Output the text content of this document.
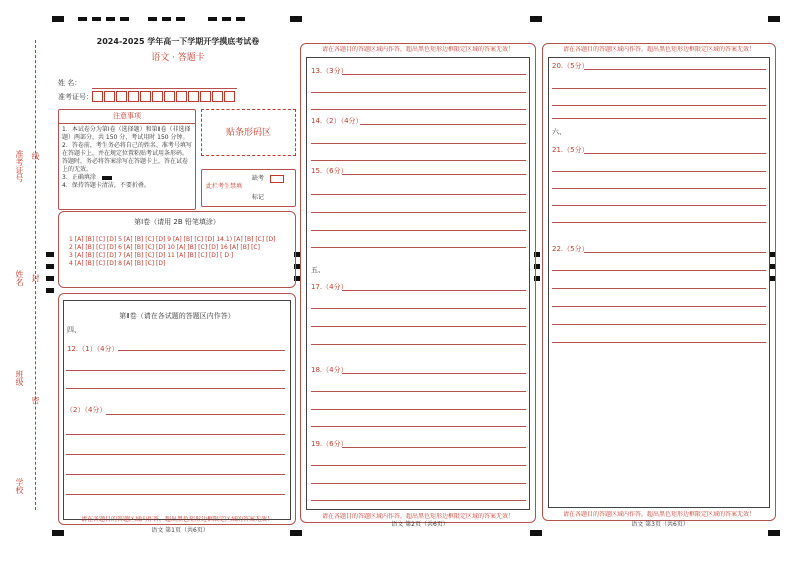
准考证号 线
姓名 封
班级
密
学校
2024-2025 学年高一下学期开学摸底考试卷
语文 · 答题卡
姓 名：
准考证号：
注意事项
1．本试卷分为第Ⅰ卷（选择题）和第Ⅱ卷（非选择题）两部分，共 150 分，考试用时 150 分钟。
2．答卷前，考生务必将自己的姓名、准考号填写在答题卡上，并在规定位置粘贴考试用条形码。答题时，务必将答案涂写在答题卡上，答在试卷上的无效。
3．正确填涂
4．保持答题卡清洁，不要折叠。
贴条形码区
此栏考生禁填
缺考
标记
第Ⅰ卷（请用 2B 铅笔填涂）
1 [A] [B] [C] [D] 5 [A] [B] [C] [D] 9 [A] [B] [C] [D] 14.1) [A] [B] [C] [D]
2 [A] [B] [C] [D] 6 [A] [B] [C] [D] 10 [A] [B] [C] [D] 16 [A] [B] [C]
3 [A] [B] [C] [D] 7 [A] [B] [C] [D] 11 [A] [B] [C] [D] [ D ]
4 [A] [B] [C] [D] 8 [A] [B] [C] [D]
第Ⅱ卷（请在各试题的答题区内作答）
四、
12.（1）（4分）
（2）（4分）
请在各题目的答题区域内作答，超出黑色矩形边框限定区域的答案无效！
语文 第1页（共6页）
请在各题目的答题区域内作答，超出黑色矩形边框限定区域的答案无效！
请在各题目的答题区域内作答，超出黑色矩形边框限定区域的答案无效！
13.（3分）
14.（2）（4分）
15.（6分）
五、
17.（4分）
18.（4分）
19.（6分）
语文 第2页（共6页）
请在各题目的答题区域内作答，超出黑色矩形边框限定区域的答案无效！
请在各题目的答题区域内作答，超出黑色矩形边框限定区域的答案无效！
20.（5分）
六、
21.（5分）
22.（5分）
语文 第3页（共6页）
